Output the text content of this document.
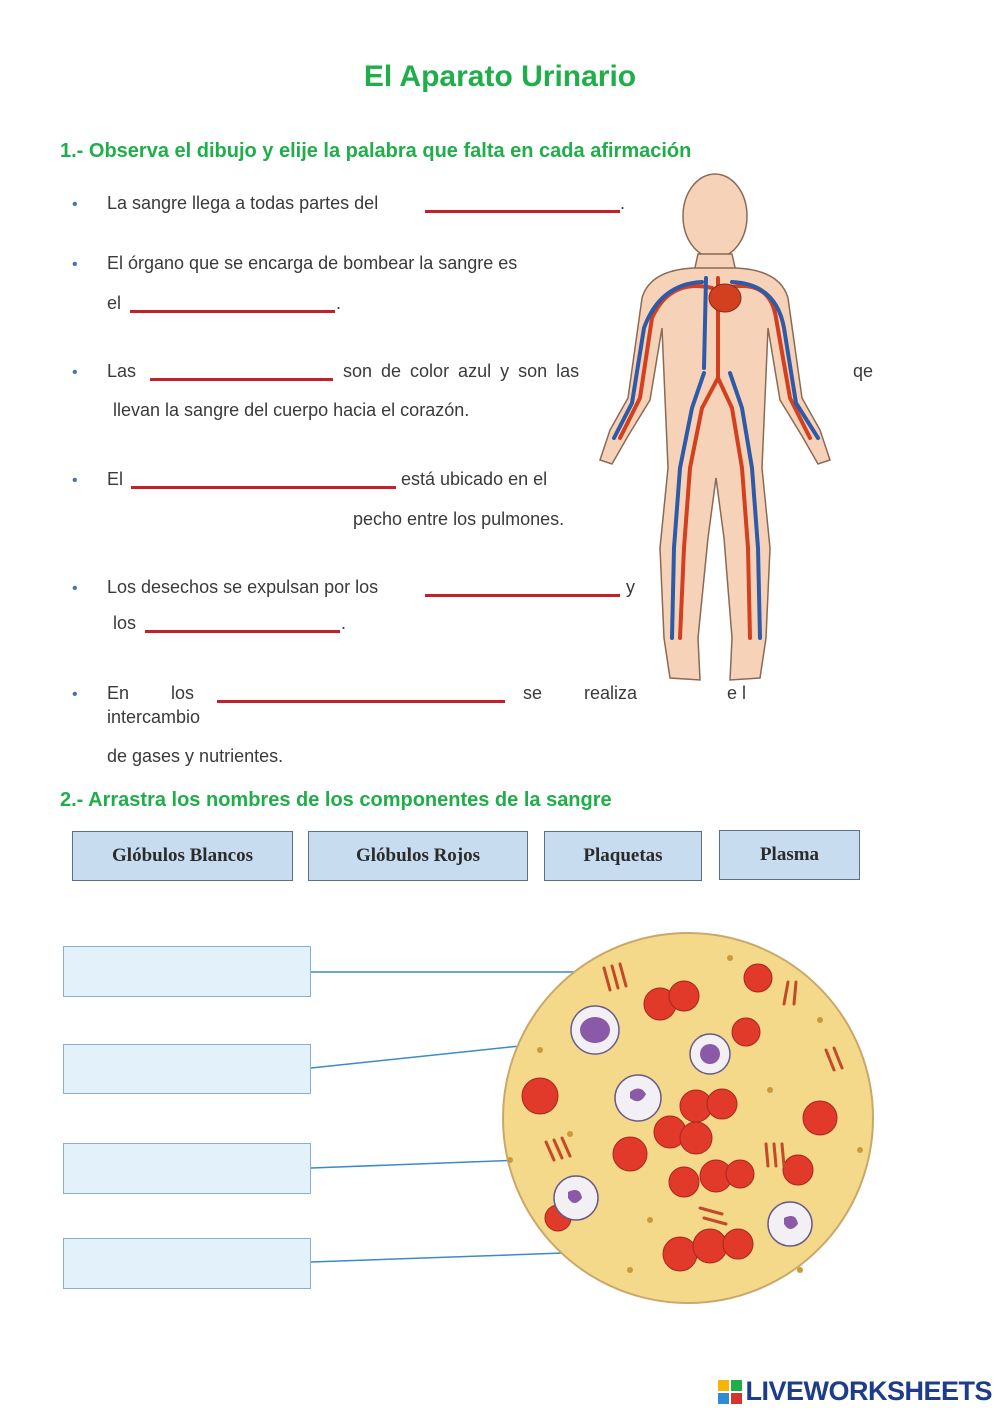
El Aparato Urinario
1.- Observa el dibujo y elije la palabra que falta en cada afirmación
• La sangre llega a todas partes del	.
• El órgano que se encarga de bombear la sangre es
el	.
• Las	son de color azul y son las	qe
llevan la sangre del cuerpo hacia el corazón.
• El	está ubicado en el
pecho entre los pulmones.
• Los desechos se expulsan por los	y
los	.
• En los	se realiza	e l
intercambio
de gases y nutrientes.
2.- Arrastra los nombres de los componentes de la sangre
Glóbulos Blancos	Glóbulos Rojos	Plaquetas	Plasma
LIVEWORKSHEETS
